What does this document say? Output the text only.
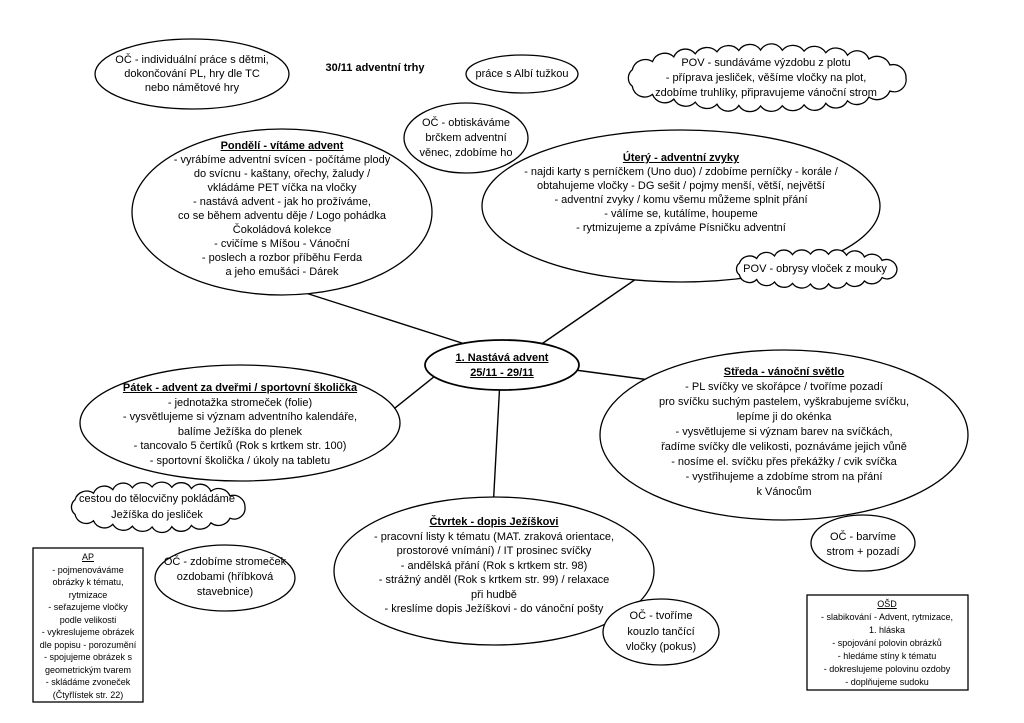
OČ - individuální práce s dětmi,
dokončování PL, hry dle TC
nebo námětové hry
30/11 adventní trhy	práce s Albí tužkou
POV - sundáváme výzdobu z plotu
- příprava jesliček, věšíme vločky na plot,
zdobíme truhlíky, připravujeme vánoční strom
OČ - obtiskáváme
brčkem adventní
věnec, zdobíme ho
Pondělí - vítáme advent
- vyrábíme adventní svícen - počítáme plody
do svícnu - kaštany, ořechy, žaludy /
vkládáme PET víčka na vločky
- nastává advent - jak ho prožíváme,
co se během adventu děje / Logo pohádka
Čokoládová kolekce
- cvičíme s Míšou - Vánoční
- poslech a rozbor příběhu Ferda
a jeho emušáci - Dárek
Úterý - adventní zvyky
- najdi karty s perníčkem (Uno duo) / zdobíme perníčky - korále /
obtahujeme vločky - DG sešit / pojmy menší, větší, největší
- adventní zvyky / komu všemu můžeme splnit přání
- válíme se, kutálíme, houpeme
- rytmizujeme a zpíváme Písničku adventní
POV - obrysy vloček z mouky
1. Nastává advent
25/11 - 29/11
Pátek - advent za dveřmi / sportovní školička
- jednotažka stromeček (folie)
- vysvětlujeme si význam adventního kalendáře,
balíme Ježíška do plenek
- tancovalo 5 čertíků (Rok s krtkem str. 100)
- sportovní školička / úkoly na tabletu
Středa - vánoční světlo
- PL svíčky ve skořápce / tvoříme pozadí
pro svíčku suchým pastelem, vyškrabujeme svíčku,
lepíme ji do okénka
- vysvětlujeme si význam barev na svíčkách,
řadíme svíčky dle velikosti, poznáváme jejich vůně
- nosíme el. svíčku přes překážky / cvik svíčka
- vystřihujeme a zdobíme strom na přání
k Vánocům
cestou do tělocvičny pokládáme
Ježíška do jesliček
Čtvrtek - dopis Ježíškovi
- pracovní listy k tématu (MAT. zraková orientace,
prostorové vnímání) / IT prosinec svíčky
- andělská přání (Rok s krtkem str. 98)
- strážný anděl (Rok s krtkem str. 99) / relaxace
při hudbě
- kreslíme dopis Ježíškovi - do vánoční pošty
OČ - zdobíme stromeček
ozdobami (hříbková
stavebnice)
OČ - tvoříme
kouzlo tančící
vločky (pokus)
OČ - barvíme
strom + pozadí
AP
- pojmenováváme
obrázky k tématu,
rytmizace
- seřazujeme vločky
podle velikosti
- vykreslujeme obrázek
dle popisu - porozumění
- spojujeme obrázek s
geometrickým tvarem
- skládáme zvoneček
(Čtyřlístek str. 22)
OŠD
- slabikování - Advent, rytmizace,
1. hláska
- spojování polovin obrázků
- hledáme stíny k tématu
- dokreslujeme polovinu ozdoby
- doplňujeme sudoku
